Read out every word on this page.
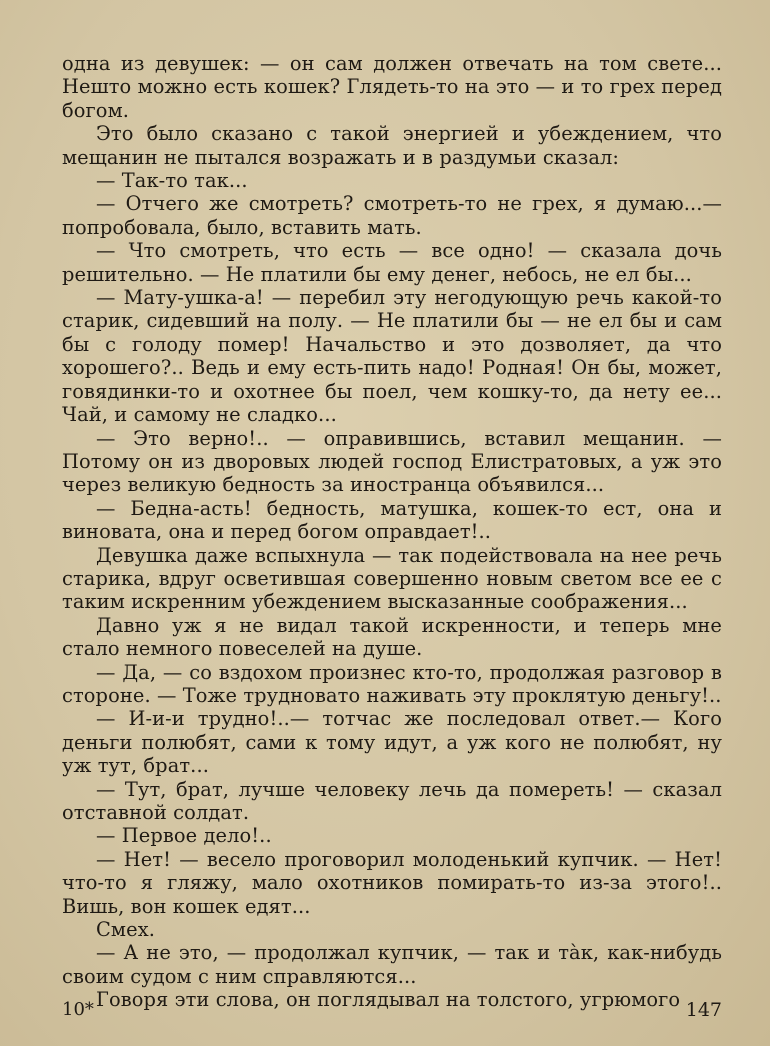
одна из девушек: — он сам должен отвечать на том свете... Нешто можно есть кошек? Глядеть-то на это — и то грех перед богом.

Это было сказано с такой энергией и убеждением, что мещанин не пытался возражать и в раздумьи сказал:

— Так-то так...

— Отчего же смотреть? смотреть-то не грех, я думаю...— попробовала, было, вставить мать.

— Что смотреть, что есть — все одно! — сказала дочь решительно. — Не платили бы ему денег, небось, не ел бы...

— Мату-ушка-а! — перебил эту негодующую речь какой-то старик, сидевший на полу. — Не платили бы — не ел бы и сам бы с голоду помер! Начальство и это дозволяет, да что хорошего?.. Ведь и ему есть-пить надо! Родная! Он бы, может, говядинки-то и охотнее бы поел, чем кошку-то, да нету ее... Чай, и самому не сладко...

— Это верно!.. — оправившись, вставил мещанин. — Потому он из дворовых людей господ Елистратовых, а уж это через великую бедность за иностранца объявился...

— Бедна-асть! бедность, матушка, кошек-то ест, она и виновата, она и перед богом оправдает!..

Девушка даже вспыхнула — так подействовала на нее речь старика, вдруг осветившая совершенно новым светом все ее с таким искренним убеждением высказанные соображения...

Давно уж я не видал такой искренности, и теперь мне стало немного повеселей на душе.

— Да, — со вздохом произнес кто-то, продолжая разговор в стороне. — Тоже трудновато наживать эту проклятую деньгу!..

— И-и-и трудно!..— тотчас же последовал ответ.— Кого деньги полюбят, сами к тому идут, а уж кого не полюбят, ну уж тут, брат...

— Тут, брат, лучше человеку лечь да помереть! — сказал отставной солдат.

— Первое дело!..

— Нет! — весело проговорил молоденький купчик. — Нет! что-то я гляжу, мало охотников помирать-то из-за этого!.. Вишь, вон кошек едят...

Смех.

— А не это, — продолжал купчик, — так и та̀к, как-нибудь своим судом с ним справляются...

Говоря эти слова, он поглядывал на толстого, угрюмого

10*	147
